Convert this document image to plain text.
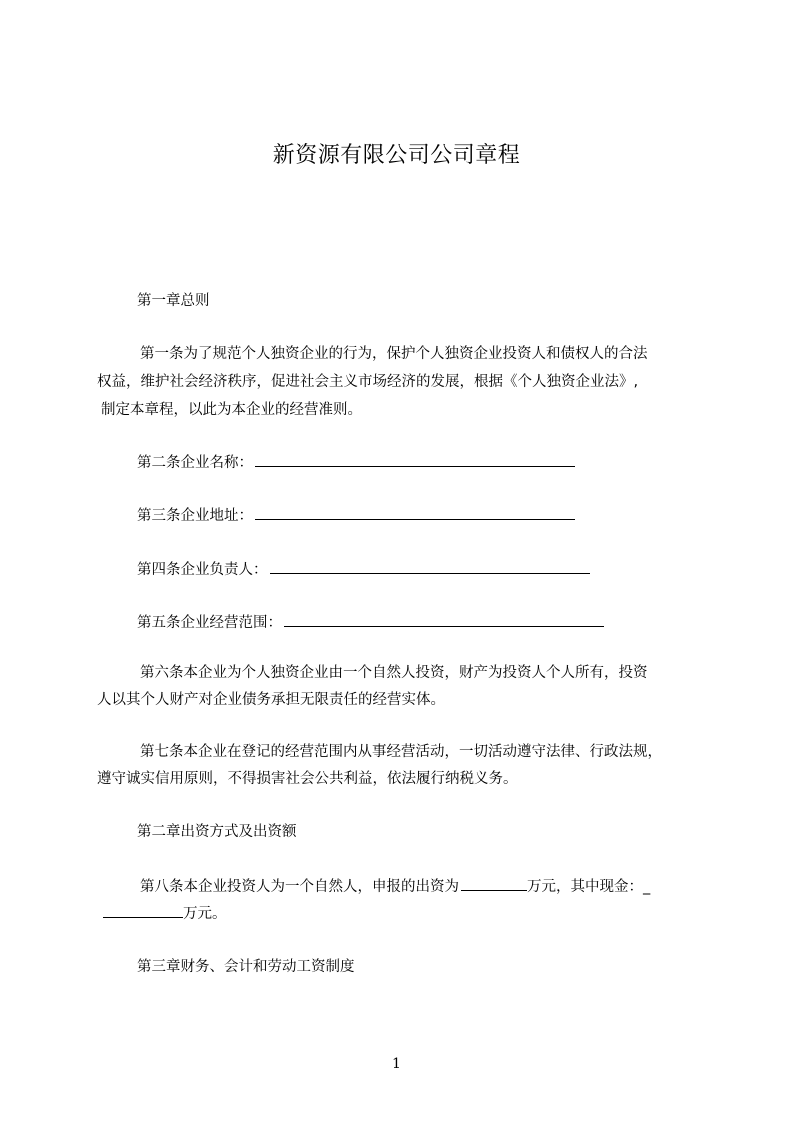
新资源有限公司公司章程
第一章总则
第一条为了规范个人独资企业的行为，保护个人独资企业投资人和债权人的合法
权益，维护社会经济秩序，促进社会主义市场经济的发展，根据《个人独资企业法》,
制定本章程，以此为本企业的经营准则。
第二条企业名称：
第三条企业地址：
第四条企业负责人：
第五条企业经营范围：
第六条本企业为个人独资企业由一个自然人投资，财产为投资人个人所有，投资
人以其个人财产对企业债务承担无限责任的经营实体。
第七条本企业在登记的经营范围内从事经营活动，一切活动遵守法律、行政法规，
遵守诚实信用原则，不得损害社会公共利益，依法履行纳税义务。
第二章出资方式及出资额
第八条本企业投资人为一个自然人，申报的出资为	万元，其中现金：_
万元。
第三章财务、会计和劳动工资制度
1
